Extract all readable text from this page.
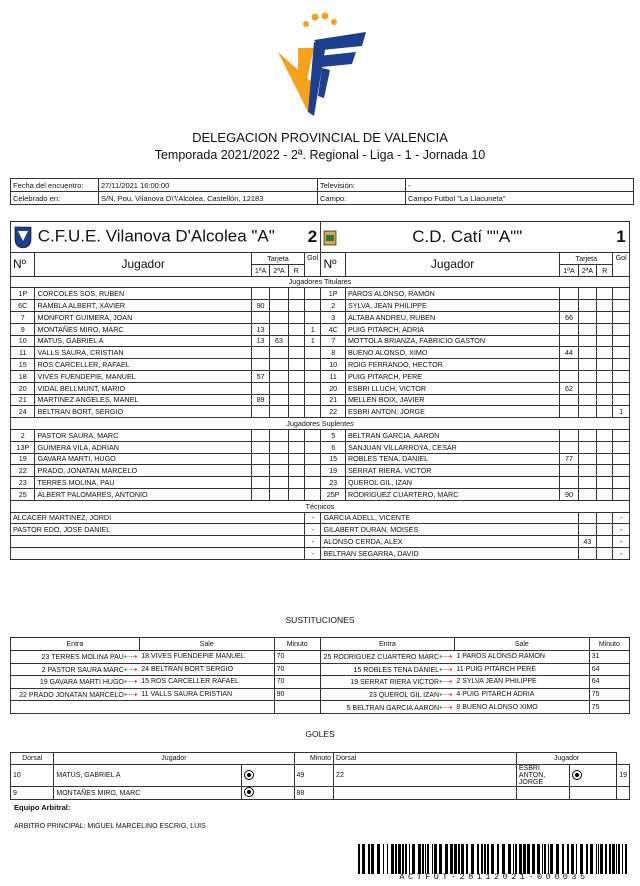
DELEGACION PROVINCIAL DE VALENCIA
Temporada 2021/2022 - 2ª. Regional - Liga - 1 - Jornada 10
Fecha del encuentro:	27/11/2021 16:00:00	Televisión:	-
Celebrado en:	S/N, Pou, Vilanova D\'\'Alcolea, Castellón, 12183	Campo:	Campo Futbol "La Llacuneta"
C.F.U.E. Vilanova D'Alcolea "A"					2	C.D. Catí ""A""					1
Nº	Jugador	Tarjeta			Gol	Nº	Jugador	Tarjeta			Gol
		1ªA	2ªA	R				1ªA	2ªA	R	
Jugadores Titulares											
1P	CORCOLES SOS, RUBEN					1P	PAROS ALONSO, RAMON				
6C	RAMBLA ALBERT, XAVIER	90				2	SYLVA, JEAN PHILIPPE				
7	MONFORT GUIMERA, JOAN					3	ALTABA ANDREU, RUBEN	66			
9	MONTAÑES MIRO, MARC	13			1	4C	PUIG PITARCH, ADRIA				
10	MATUS, GABRIEL A	13	63		1	7	MOTTOLA BRIANZA, FABRICIO GASTON				
11	VALLS SAURA, CRISTIAN					8	BUENO ALONSO, XIMO	44			
15	ROS CARCELLER, RAFAEL					10	ROIG FERRANDO, HECTOR				
18	VIVES FUENDEPIE, MANUEL	57				11	PUIG PITARCH, PERE				
20	VIDAL BELLMUNT, MARIO					20	ESBRI LLUCH, VICTOR	62			
21	MARTINEZ ANGELES, MANEL	89				21	MELLEN BOIX, JAVIER				
24	BELTRAN BORT, SERGIO					22	ESBRI ANTON, JORGE				1
Jugadores Suplentes											
2	PASTOR SAURA, MARC					5	BELTRAN GARCIA, AARON				
13P	GUIMERA VILA, ADRIAN					6	SANJUAN VILLARROYA, CESAR				
19	GAVARA MARTI, HUGO					15	ROBLES TENA, DANIEL	77			
22	PRADO, JONATAN MARCELO					19	SERRAT RIERA, VICTOR				
23	TERRES MOLINA, PAU					23	QUEROL GIL, IZAN				
25	ALBERT PALOMARES, ANTONIO					25P	RODRIGUEZ CUARTERO, MARC	90			
Técnicos											
ALCACER MARTINEZ, JORDI					-	GARCIA ADELL, VICENTE					-
PASTOR EDO, JOSE DANIEL					-	GILABERT DURAN, MOISES					-
					-	ALONSO CERDA, ALEX			43		-
					-	BELTRAN SEGARRA, DAVID					-
SUSTITUCIONES
Entra	Sale	Minuto	Entra	Sale	Minuto
23 TERRES MOLINA PAU⇠⇢	18 VIVES FUENDEPIE MANUEL	70	25 RODRIGUEZ CUARTERO MARC⇠⇢	1 PAROS ALONSO RAMON	31
2 PASTOR SAURA MARC⇠⇢	24 BELTRAN BORT SERGIO	70	15 ROBLES TENA DANIEL⇠⇢	11 PUIG PITARCH PERE	64
19 GAVARA MARTI HUGO⇠⇢	15 ROS CARCELLER RAFAEL	70	19 SERRAT RIERA VICTOR⇠⇢	2 SYLVA JEAN PHILIPPE	64
22 PRADO JONATAN MARCELO⇠⇢	11 VALLS SAURA CRISTIAN	90	23 QUEROL GIL IZAN⇠⇢	4 PUIG PITARCH ADRIA	75
			5 BELTRAN GARCIA AARON⇠⇢	8 BUENO ALONSO XIMO	75
GOLES
Dorsal	Jugador		Minuto	Dorsal	Jugador		
10	MATUS, GABRIEL A		49	22	ESBRI ANTON, JORGE		19
9	MONTAÑES MIRO, MARC		88				
Equipo Arbitral:
ARBITRO PRINCIPAL: MIGUEL MARCELINO ESCRIG, LUIS
ACTFUT-28112021-000035
